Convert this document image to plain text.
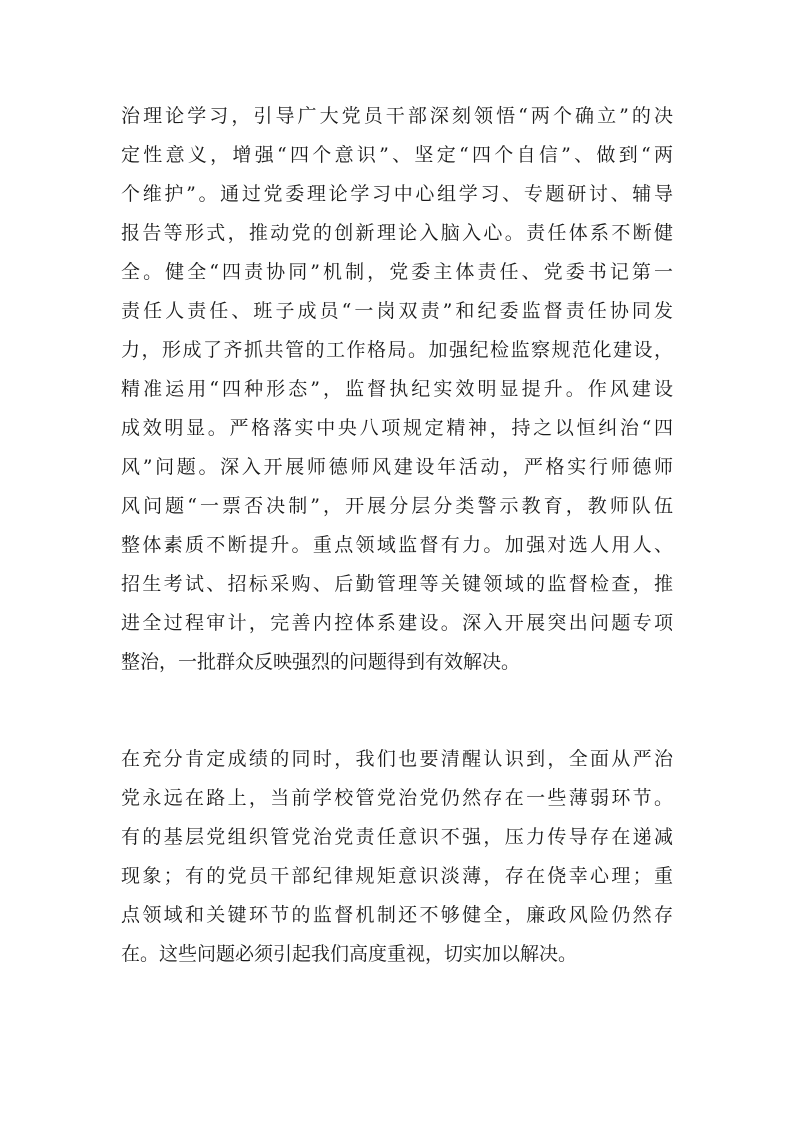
治理论学习，引导广大党员干部深刻领悟“两个确立”的决
定性意义，增强“四个意识”、坚定“四个自信”、做到“两
个维护”。通过党委理论学习中心组学习、专题研讨、辅导
报告等形式，推动党的创新理论入脑入心。责任体系不断健
全。健全“四责协同”机制，党委主体责任、党委书记第一
责任人责任、班子成员“一岗双责”和纪委监督责任协同发
力，形成了齐抓共管的工作格局。加强纪检监察规范化建设，
精准运用“四种形态”，监督执纪实效明显提升。作风建设
成效明显。严格落实中央八项规定精神，持之以恒纠治“四
风”问题。深入开展师德师风建设年活动，严格实行师德师
风问题“一票否决制”，开展分层分类警示教育，教师队伍
整体素质不断提升。重点领域监督有力。加强对选人用人、
招生考试、招标采购、后勤管理等关键领域的监督检查，推
进全过程审计，完善内控体系建设。深入开展突出问题专项
整治，一批群众反映强烈的问题得到有效解决。
在充分肯定成绩的同时，我们也要清醒认识到，全面从严治
党永远在路上，当前学校管党治党仍然存在一些薄弱环节。
有的基层党组织管党治党责任意识不强，压力传导存在递减
现象；有的党员干部纪律规矩意识淡薄，存在侥幸心理；重
点领域和关键环节的监督机制还不够健全，廉政风险仍然存
在。这些问题必须引起我们高度重视，切实加以解决。
